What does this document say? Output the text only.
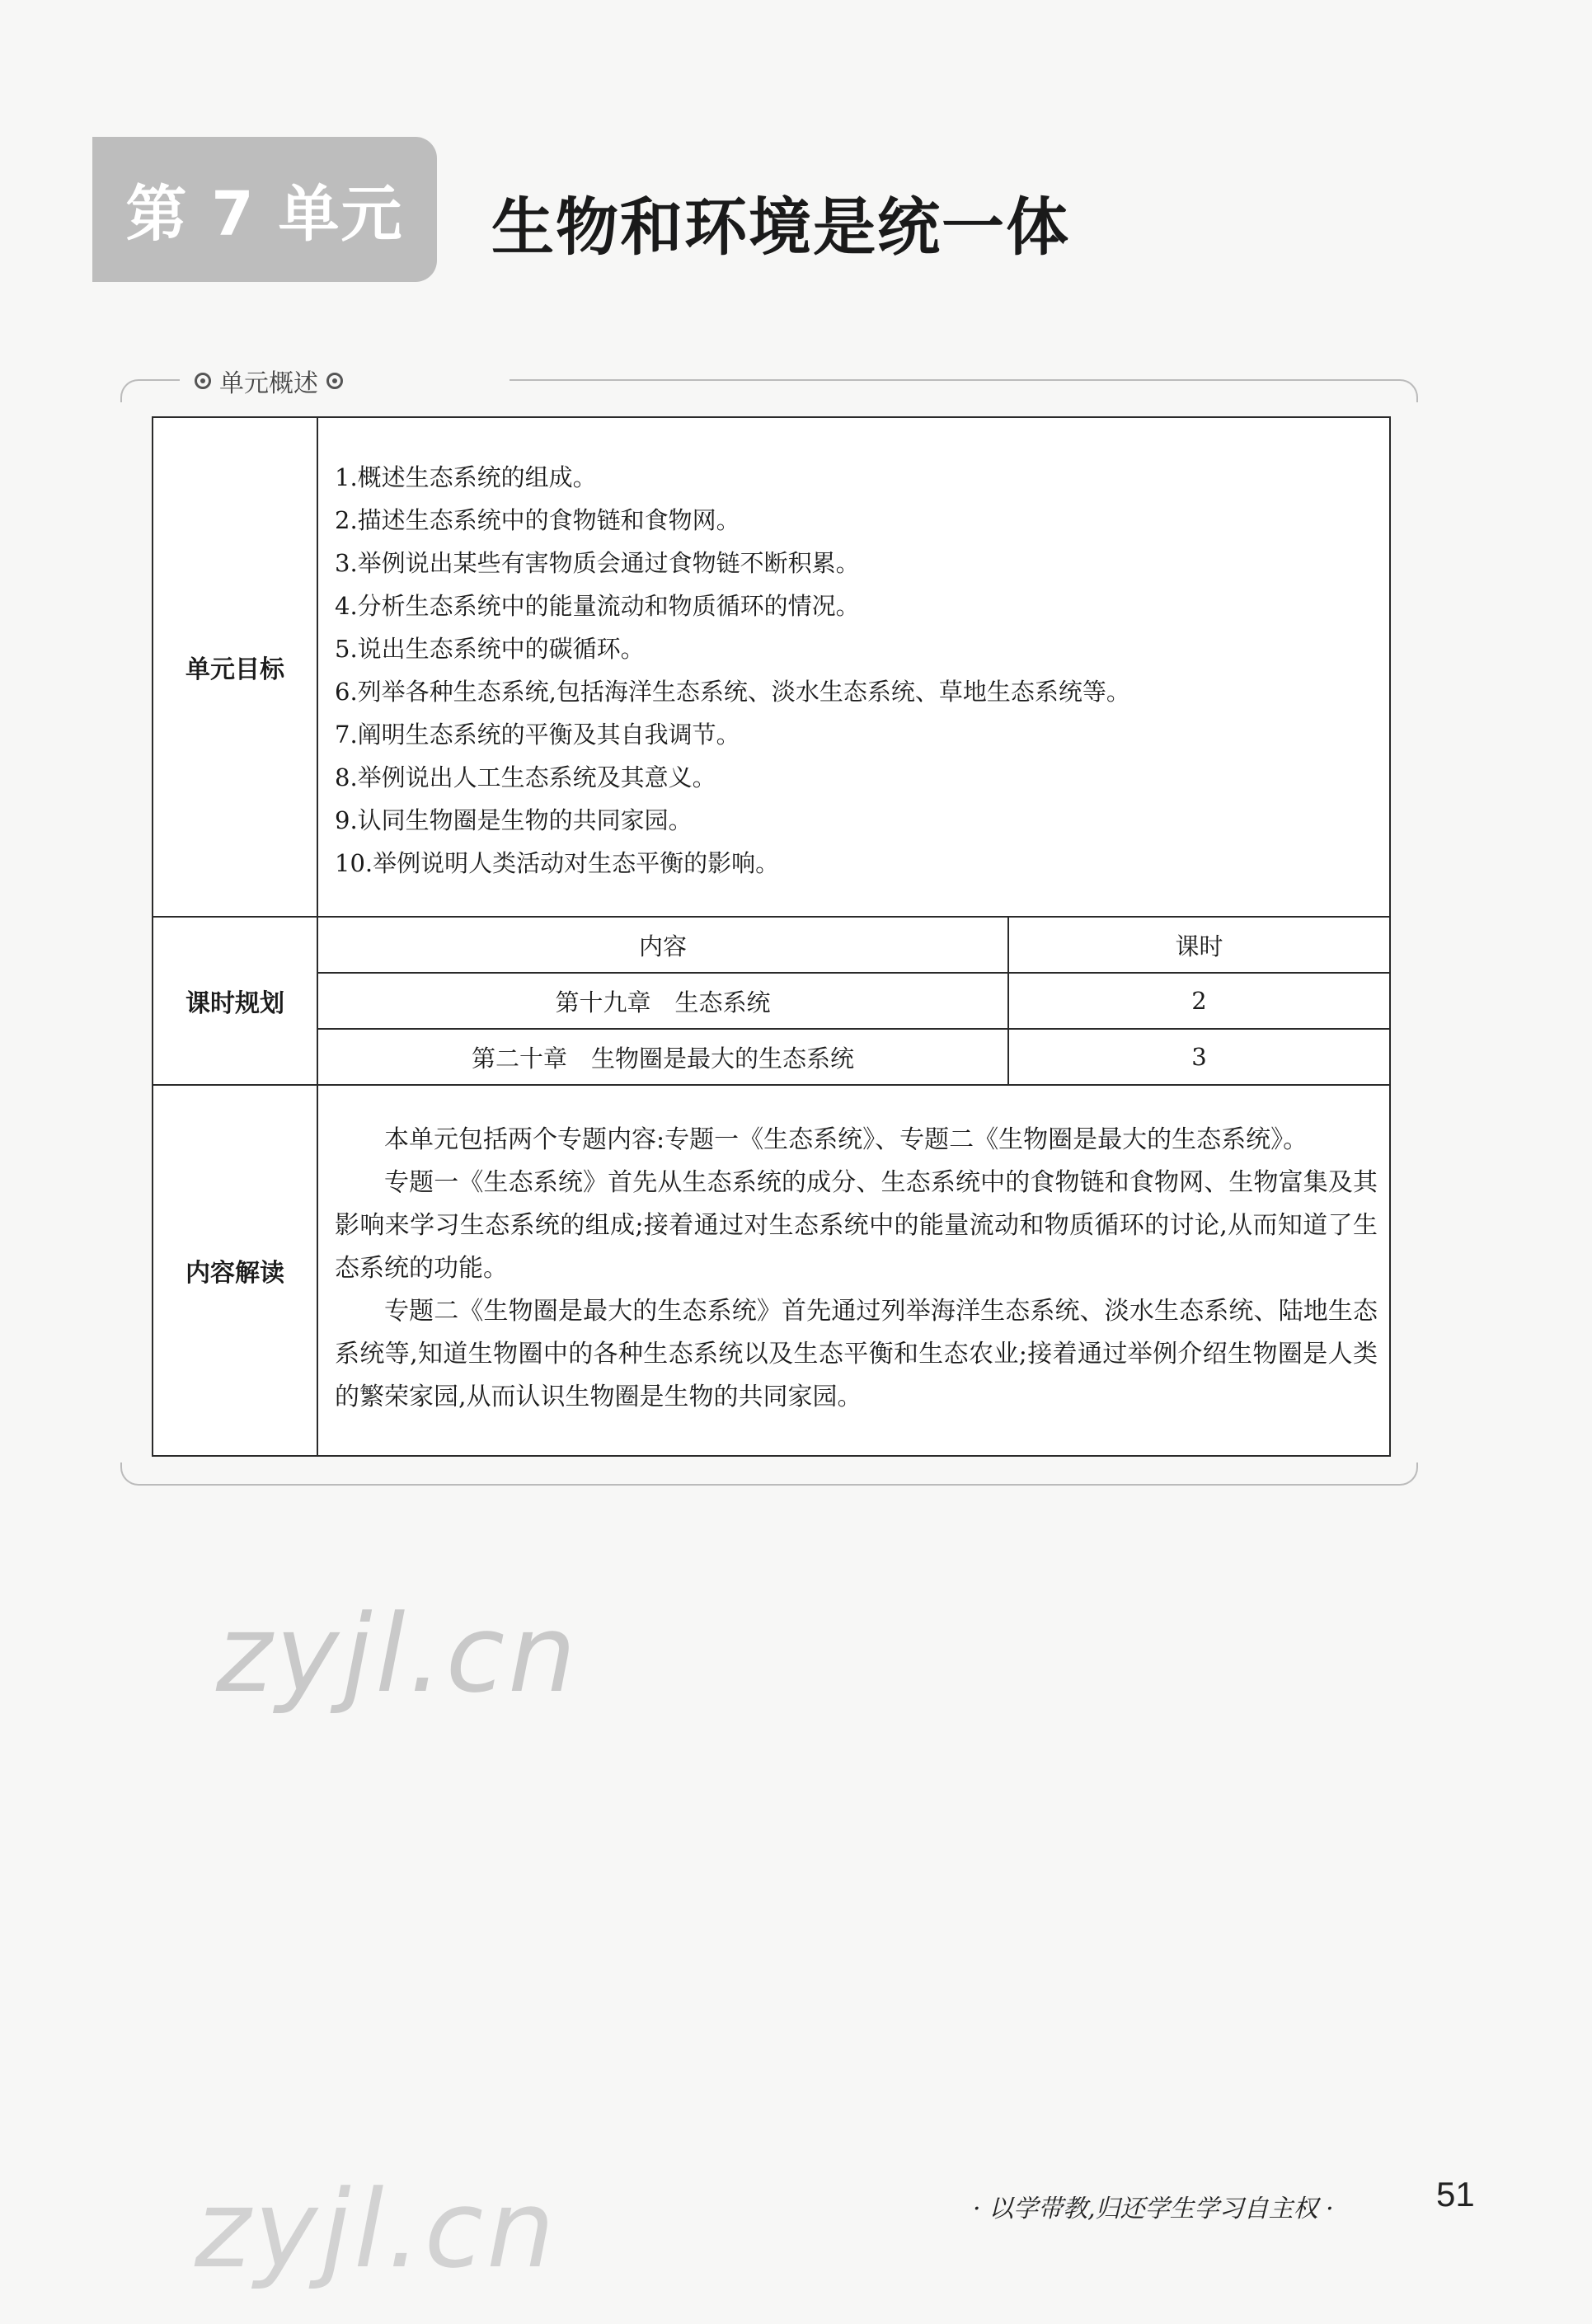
第 7 单元 生物和环境是统一体
单元概述
单元目标	
1.概述生态系统的组成。
2.描述生态系统中的食物链和食物网。
3.举例说出某些有害物质会通过食物链不断积累。
4.分析生态系统中的能量流动和物质循环的情况。
5.说出生态系统中的碳循环。
6.列举各种生态系统,包括海洋生态系统、淡水生态系统、草地生态系统等。
7.阐明生态系统的平衡及其自我调节。
8.举例说出人工生态系统及其意义。
9.认同生物圈是生物的共同家园。
10.举例说明人类活动对生态平衡的影响。

课时规划	
内容	课时
第十九章　生态系统	2
第二十章　生物圈是最大的生态系统	3

内容解读	

本单元包括两个专题内容:专题一《生态系统》、专题二《生物圈是最大的生态系统》。

专题一《生态系统》首先从生态系统的成分、生态系统中的食物链和食物网、生物富集及其影响来学习生态系统的组成;接着通过对生态系统中的能量流动和物质循环的讨论,从而知道了生态系统的功能。

专题二《生物圈是最大的生态系统》首先通过列举海洋生态系统、淡水生态系统、陆地生态系统等,知道生物圈中的各种生态系统以及生态平衡和生态农业;接着通过举例介绍生物圈是人类的繁荣家园,从而认识生物圈是生物的共同家园。

zyjl.cn
zyjl.cn	· 以学带教,归还学生学习自主权 ·	51
